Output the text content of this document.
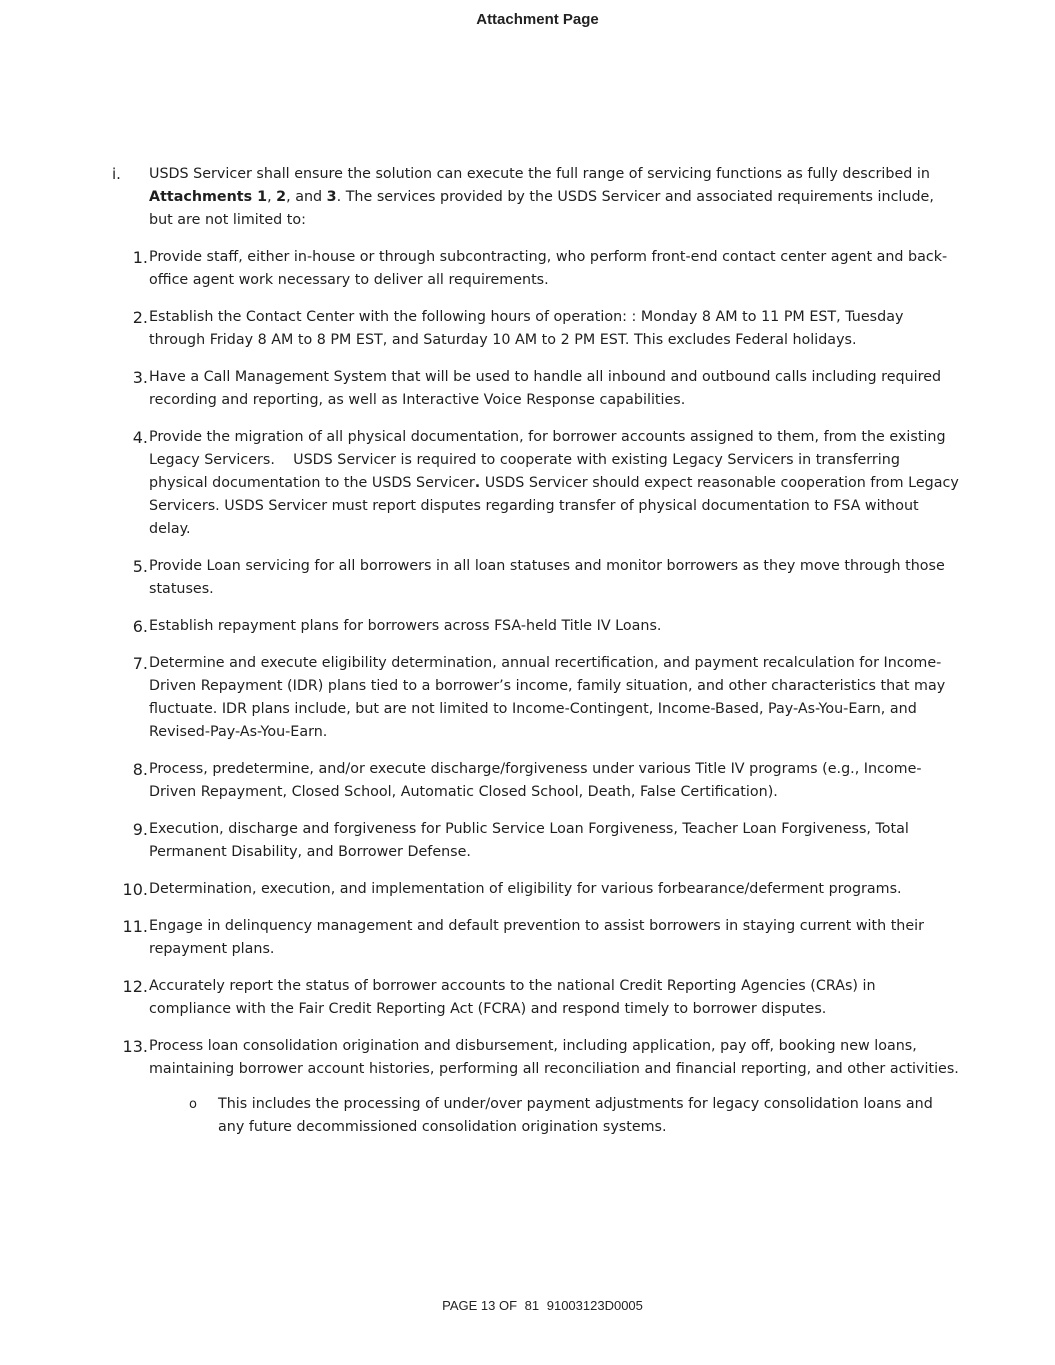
Attachment Page
i. USDS Servicer shall ensure the solution can execute the full range of servicing functions as fully described in Attachments 1, 2, and 3. The services provided by the USDS Servicer and associated requirements include, but are not limited to:
1. Provide staff, either in-house or through subcontracting, who perform front-end contact center agent and back-office agent work necessary to deliver all requirements.
2. Establish the Contact Center with the following hours of operation: : Monday 8 AM to 11 PM EST, Tuesday through Friday 8 AM to 8 PM EST, and Saturday 10 AM to 2 PM EST. This excludes Federal holidays.
3. Have a Call Management System that will be used to handle all inbound and outbound calls including required recording and reporting, as well as Interactive Voice Response capabilities.
4. Provide the migration of all physical documentation, for borrower accounts assigned to them, from the existing Legacy Servicers.    USDS Servicer is required to cooperate with existing Legacy Servicers in transferring physical documentation to the USDS Servicer. USDS Servicer should expect reasonable cooperation from Legacy Servicers. USDS Servicer must report disputes regarding transfer of physical documentation to FSA without delay.
5. Provide Loan servicing for all borrowers in all loan statuses and monitor borrowers as they move through those statuses.
6. Establish repayment plans for borrowers across FSA-held Title IV Loans.
7. Determine and execute eligibility determination, annual recertification, and payment recalculation for Income-Driven Repayment (IDR) plans tied to a borrower’s income, family situation, and other characteristics that may fluctuate. IDR plans include, but are not limited to Income-Contingent, Income-Based, Pay-As-You-Earn, and Revised-Pay-As-You-Earn.
8. Process, predetermine, and/or execute discharge/forgiveness under various Title IV programs (e.g., Income-Driven Repayment, Closed School, Automatic Closed School, Death, False Certification).
9. Execution, discharge and forgiveness for Public Service Loan Forgiveness, Teacher Loan Forgiveness, Total Permanent Disability, and Borrower Defense.
10. Determination, execution, and implementation of eligibility for various forbearance/deferment programs.
11. Engage in delinquency management and default prevention to assist borrowers in staying current with their repayment plans.
12. Accurately report the status of borrower accounts to the national Credit Reporting Agencies (CRAs) in compliance with the Fair Credit Reporting Act (FCRA) and respond timely to borrower disputes.
13. Process loan consolidation origination and disbursement, including application, pay off, booking new loans, maintaining borrower account histories, performing all reconciliation and financial reporting, and other activities.
o This includes the processing of under/over payment adjustments for legacy consolidation loans and any future decommissioned consolidation origination systems.
PAGE 13 OF 81 91003123D0005
